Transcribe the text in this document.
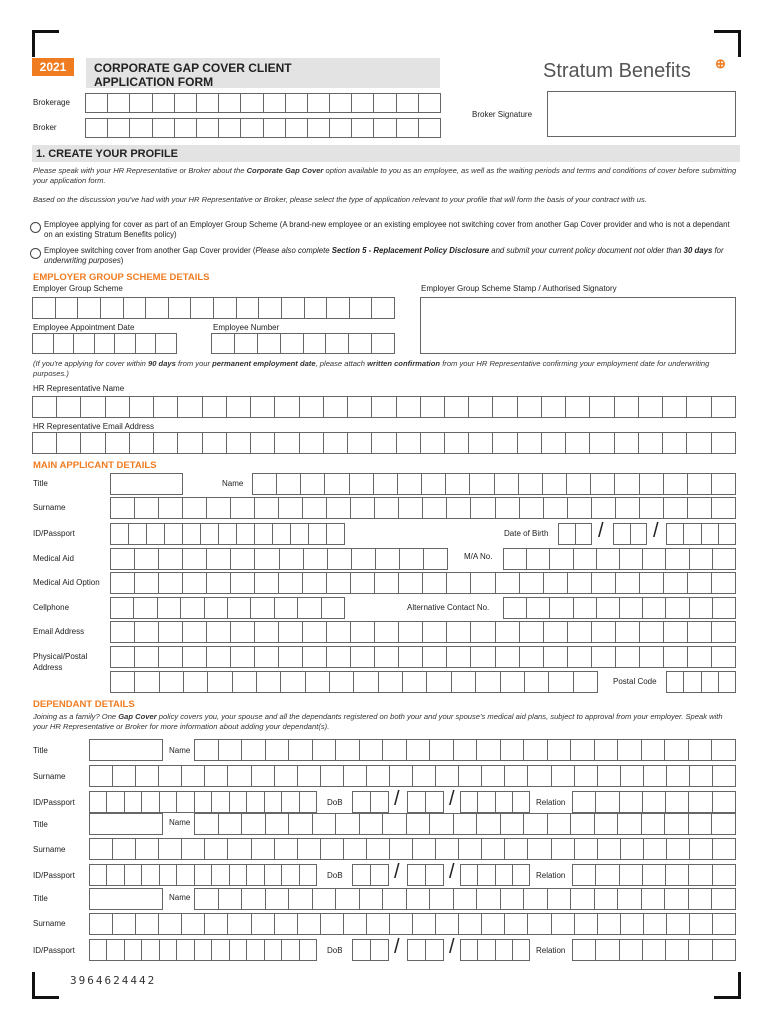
2021	CORPORATE GAP COVER CLIENT
APPLICATION FORM	Stratum Benefits ⊕
Brokerage
Broker
Broker Signature
1. CREATE YOUR PROFILE
Please speak with your HR Representative or Broker about the Corporate Gap Cover option available to you as an employee, as well as the waiting periods and terms and conditions of cover before submitting your application form.
Based on the discussion you've had with your HR Representative or Broker, please select the type of application relevant to your profile that will form the basis of your contract with us.
Employee applying for cover as part of an Employer Group Scheme (A brand-new employee or an existing employee not switching cover from another Gap Cover provider and who is not a dependant on an existing Stratum Benefits policy)
Employee switching cover from another Gap Cover provider (Please also complete Section 5 - Replacement Policy Disclosure and submit your current policy document not older than 30 days for underwriting purposes)
EMPLOYER GROUP SCHEME DETAILS
Employer Group Scheme	Employer Group Scheme Stamp / Authorised Signatory
Employee Appointment Date	Employee Number
(If you're applying for cover within 90 days from your permanent employment date, please attach written confirmation from your HR Representative confirming your employment date for underwriting purposes.)
HR Representative Name
HR Representative Email Address
MAIN APPLICANT DETAILS
Title	Name
Surname
ID/Passport	Date of Birth / /
Medical Aid	M/A No.
Medical Aid Option
Cellphone	Alternative Contact No.
Email Address
Physical/Postal
Address
Postal Code
DEPENDANT DETAILS
Joining as a family? One Gap Cover policy covers you, your spouse and all the dependants registered on both your and your spouse's medical aid plans, subject to approval from your employer. Speak with your HR Representative or Broker for more information about adding your dependant(s).
Title	Name
Surname
ID/Passport	DoB	/ /	Relation
Title	Name
Surname
ID/Passport	DoB	/ /	Relation
Title	Name
Surname
ID/Passport	DoB	/ /	Relation
3964624442
